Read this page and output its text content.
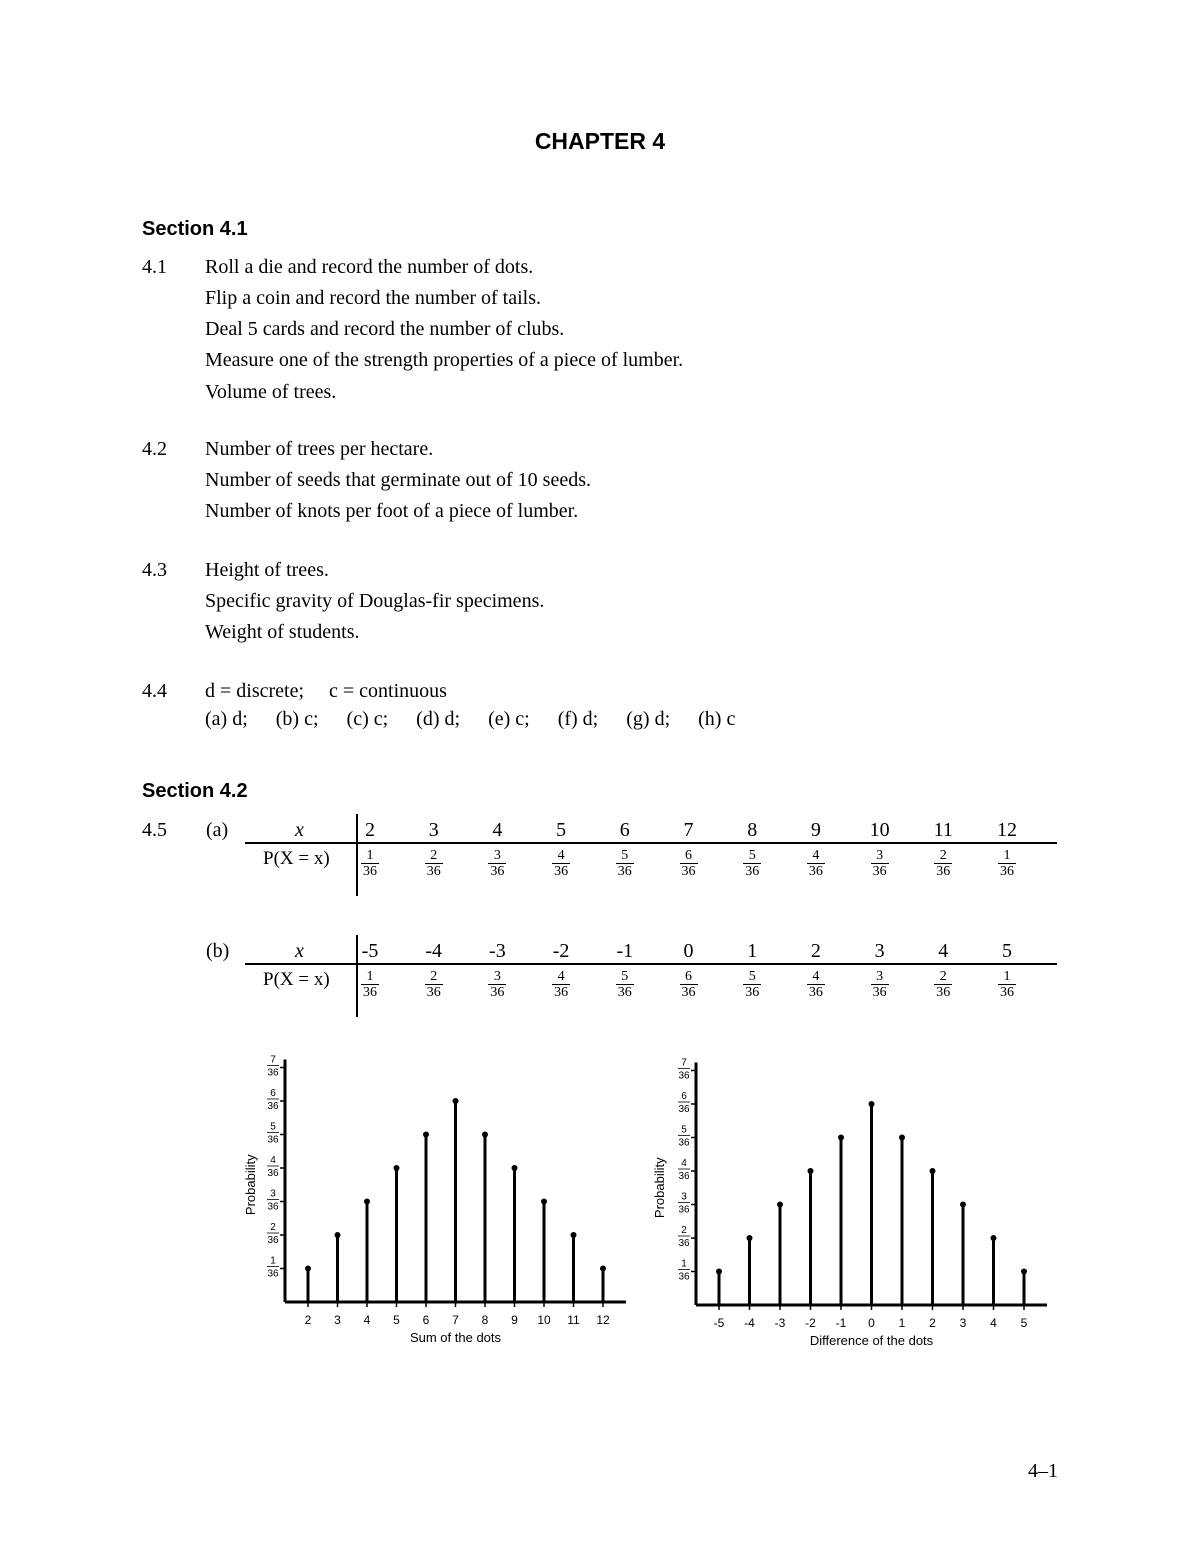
CHAPTER 4
Section 4.1
4.1 Roll a die and record the number of dots.
Flip a coin and record the number of tails.
Deal 5 cards and record the number of clubs.
Measure one of the strength properties of a piece of lumber.
Volume of trees.
4.2 Number of trees per hectare.
Number of seeds that germinate out of 10 seeds.
Number of knots per foot of a piece of lumber.
4.3 Height of trees.
Specific gravity of Douglas-fir specimens.
Weight of students.
4.4 d = discrete;     c = continuous
(a) d; (b) c; (c) c; (d) d; (e) c; (f) d; (g) d; (h) c
Section 4.2
4.5 (a)	x
P(X = x)
2
1
36
3
2
36
4
3
36
5
4
36
6
5
36
7
6
36
8
5
36
9
4
36
10
3
36
11
2
36
12
1
36
(b)	x
P(X = x)
-5
1
36
-4
2
36
-3
3
36
-2
4
36
-1
5
36
0
6
36
1
5
36
2
4
36
3
3
36
4
2
36
5
1
36
1
36
2
36
3
36
4
36
5
36
6
36
7
36
Probability
2 3 4 5 6 7 8 9 10 11 12
Sum of the dots
1
36
2
36
3
36
4
36
5
36
6
36
7
36
Probability
-5 -4 -3 -2 -1 0 1 2 3 4 5
Difference of the dots
4–1
